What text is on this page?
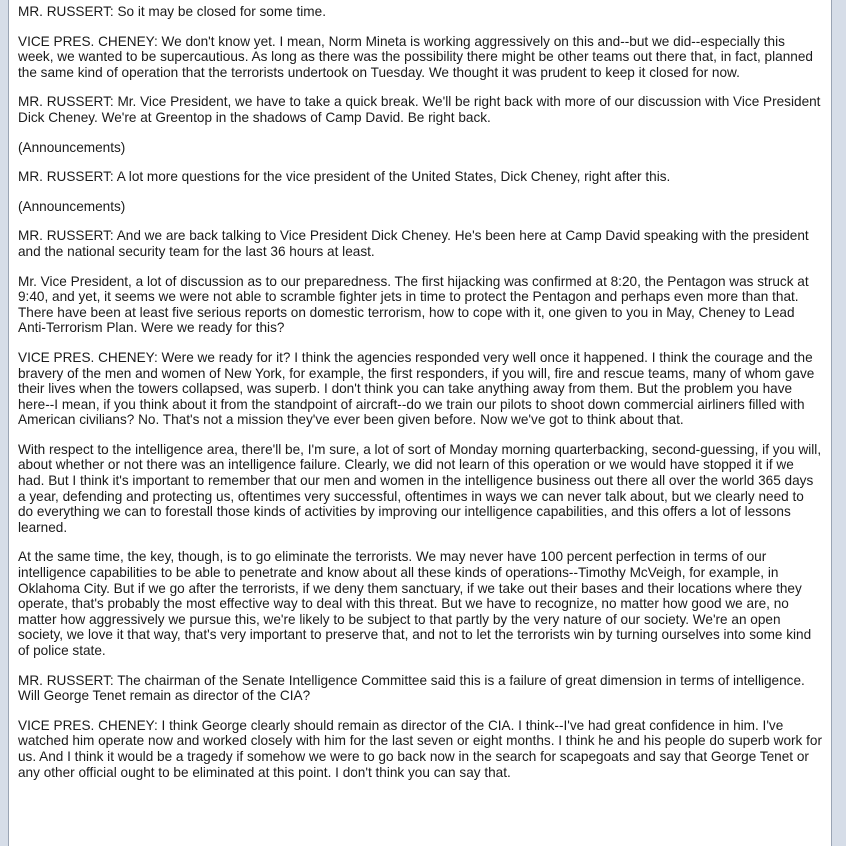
MR. RUSSERT: So it may be closed for some time.

VICE PRES. CHENEY: We don't know yet. I mean, Norm Mineta is working aggressively on this and--but we did--especially this week, we wanted to be supercautious. As long as there was the possibility there might be other teams out there that, in fact, planned the same kind of operation that the terrorists undertook on Tuesday. We thought it was prudent to keep it closed for now.

MR. RUSSERT: Mr. Vice President, we have to take a quick break. We'll be right back with more of our discussion with Vice President Dick Cheney. We're at Greentop in the shadows of Camp David. Be right back.

(Announcements)

MR. RUSSERT: A lot more questions for the vice president of the United States, Dick Cheney, right after this.

(Announcements)

MR. RUSSERT: And we are back talking to Vice President Dick Cheney. He's been here at Camp David speaking with the president and the national security team for the last 36 hours at least.

Mr. Vice President, a lot of discussion as to our preparedness. The first hijacking was confirmed at 8:20, the Pentagon was struck at 9:40, and yet, it seems we were not able to scramble fighter jets in time to protect the Pentagon and perhaps even more than that. There have been at least five serious reports on domestic terrorism, how to cope with it, one given to you in May, Cheney to Lead Anti-Terrorism Plan. Were we ready for this?

VICE PRES. CHENEY: Were we ready for it? I think the agencies responded very well once it happened. I think the courage and the bravery of the men and women of New York, for example, the first responders, if you will, fire and rescue teams, many of whom gave their lives when the towers collapsed, was superb. I don't think you can take anything away from them. But the problem you have here--I mean, if you think about it from the standpoint of aircraft--do we train our pilots to shoot down commercial airliners filled with American civilians? No. That's not a mission they've ever been given before. Now we've got to think about that.

With respect to the intelligence area, there'll be, I'm sure, a lot of sort of Monday morning quarterbacking, second-guessing, if you will, about whether or not there was an intelligence failure. Clearly, we did not learn of this operation or we would have stopped it if we had. But I think it's important to remember that our men and women in the intelligence business out there all over the world 365 days a year, defending and protecting us, oftentimes very successful, oftentimes in ways we can never talk about, but we clearly need to do everything we can to forestall those kinds of activities by improving our intelligence capabilities, and this offers a lot of lessons learned.

At the same time, the key, though, is to go eliminate the terrorists. We may never have 100 percent perfection in terms of our intelligence capabilities to be able to penetrate and know about all these kinds of operations--Timothy McVeigh, for example, in Oklahoma City. But if we go after the terrorists, if we deny them sanctuary, if we take out their bases and their locations where they operate, that's probably the most effective way to deal with this threat. But we have to recognize, no matter how good we are, no matter how aggressively we pursue this, we're likely to be subject to that partly by the very nature of our society. We're an open society, we love it that way, that's very important to preserve that, and not to let the terrorists win by turning ourselves into some kind of police state.

MR. RUSSERT: The chairman of the Senate Intelligence Committee said this is a failure of great dimension in terms of intelligence. Will George Tenet remain as director of the CIA?

VICE PRES. CHENEY: I think George clearly should remain as director of the CIA. I think--I've had great confidence in him. I've watched him operate now and worked closely with him for the last seven or eight months. I think he and his people do superb work for us. And I think it would be a tragedy if somehow we were to go back now in the search for scapegoats and say that George Tenet or any other official ought to be eliminated at this point. I don't think you can say that.
